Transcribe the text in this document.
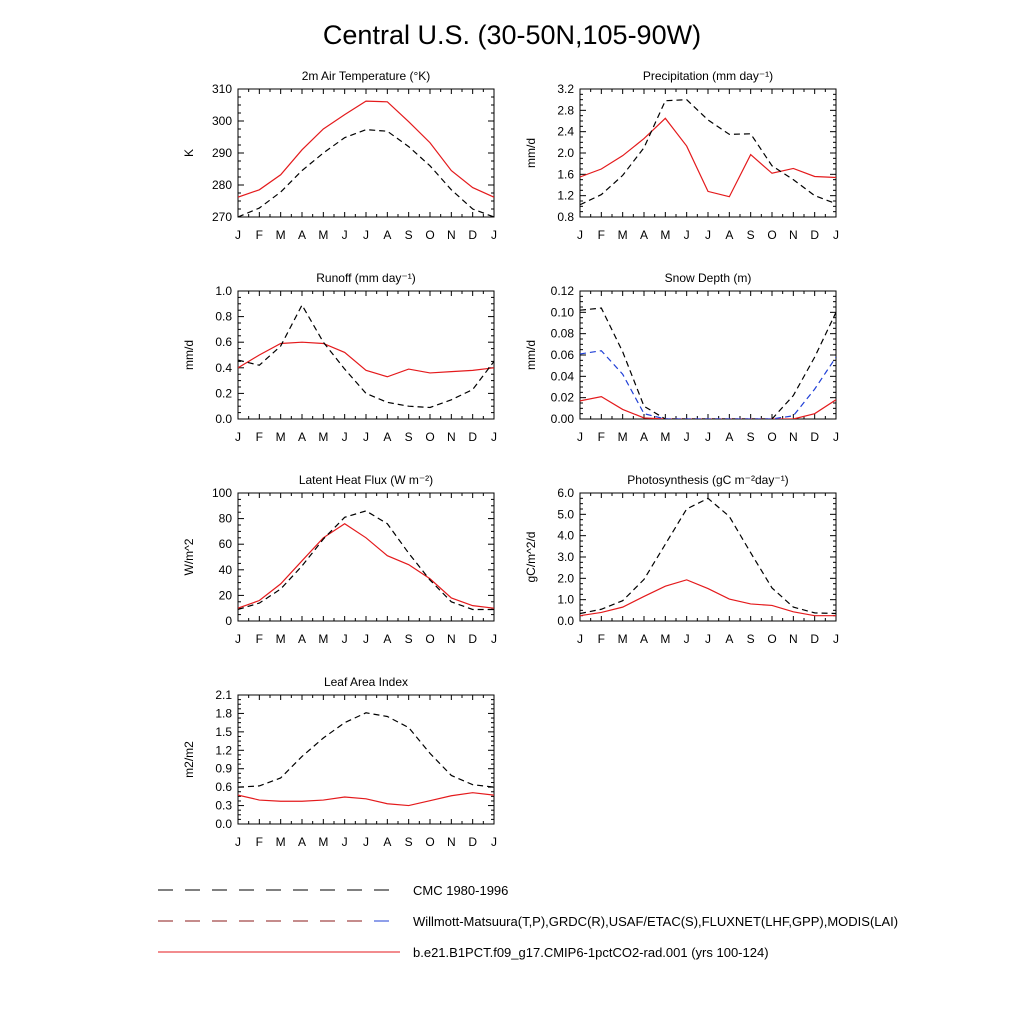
Central U.S. (30-50N,105-90W)
2m Air Temperature (°K)
J F M A M J J A S O N D J
270
280
290
300
310
K
Precipitation (mm day⁻¹)
J F M A M J J A S O N D J
0.8
1.2
1.6
2.0
2.4
2.8
3.2
mm/d
Runoff (mm day⁻¹)
J F M A M J J A S O N D J
0.0
0.2
0.4
0.6
0.8
1.0
mm/d
Snow Depth (m)
J F M A M J J A S O N D J
0.00
0.02
0.04
0.06
0.08
0.10
0.12
mm/d
Latent Heat Flux (W m⁻²)
J F M A M J J A S O N D J
0
20
40
60
80
100
W/m^2
Photosynthesis (gC m⁻²day⁻¹)
J F M A M J J A S O N D J
0.0
1.0
2.0
3.0
4.0
5.0
6.0
gC/m^2/d
Leaf Area Index
J F M A M J J A S O N D J
0.0
0.3
0.6
0.9
1.2
1.5
1.8
2.1
m2/m2
CMC 1980-1996
Willmott-Matsuura(T,P),GRDC(R),USAF/ETAC(S),FLUXNET(LHF,GPP),MODIS(LAI)
b.e21.B1PCT.f09_g17.CMIP6-1pctCO2-rad.001 (yrs 100-124)
